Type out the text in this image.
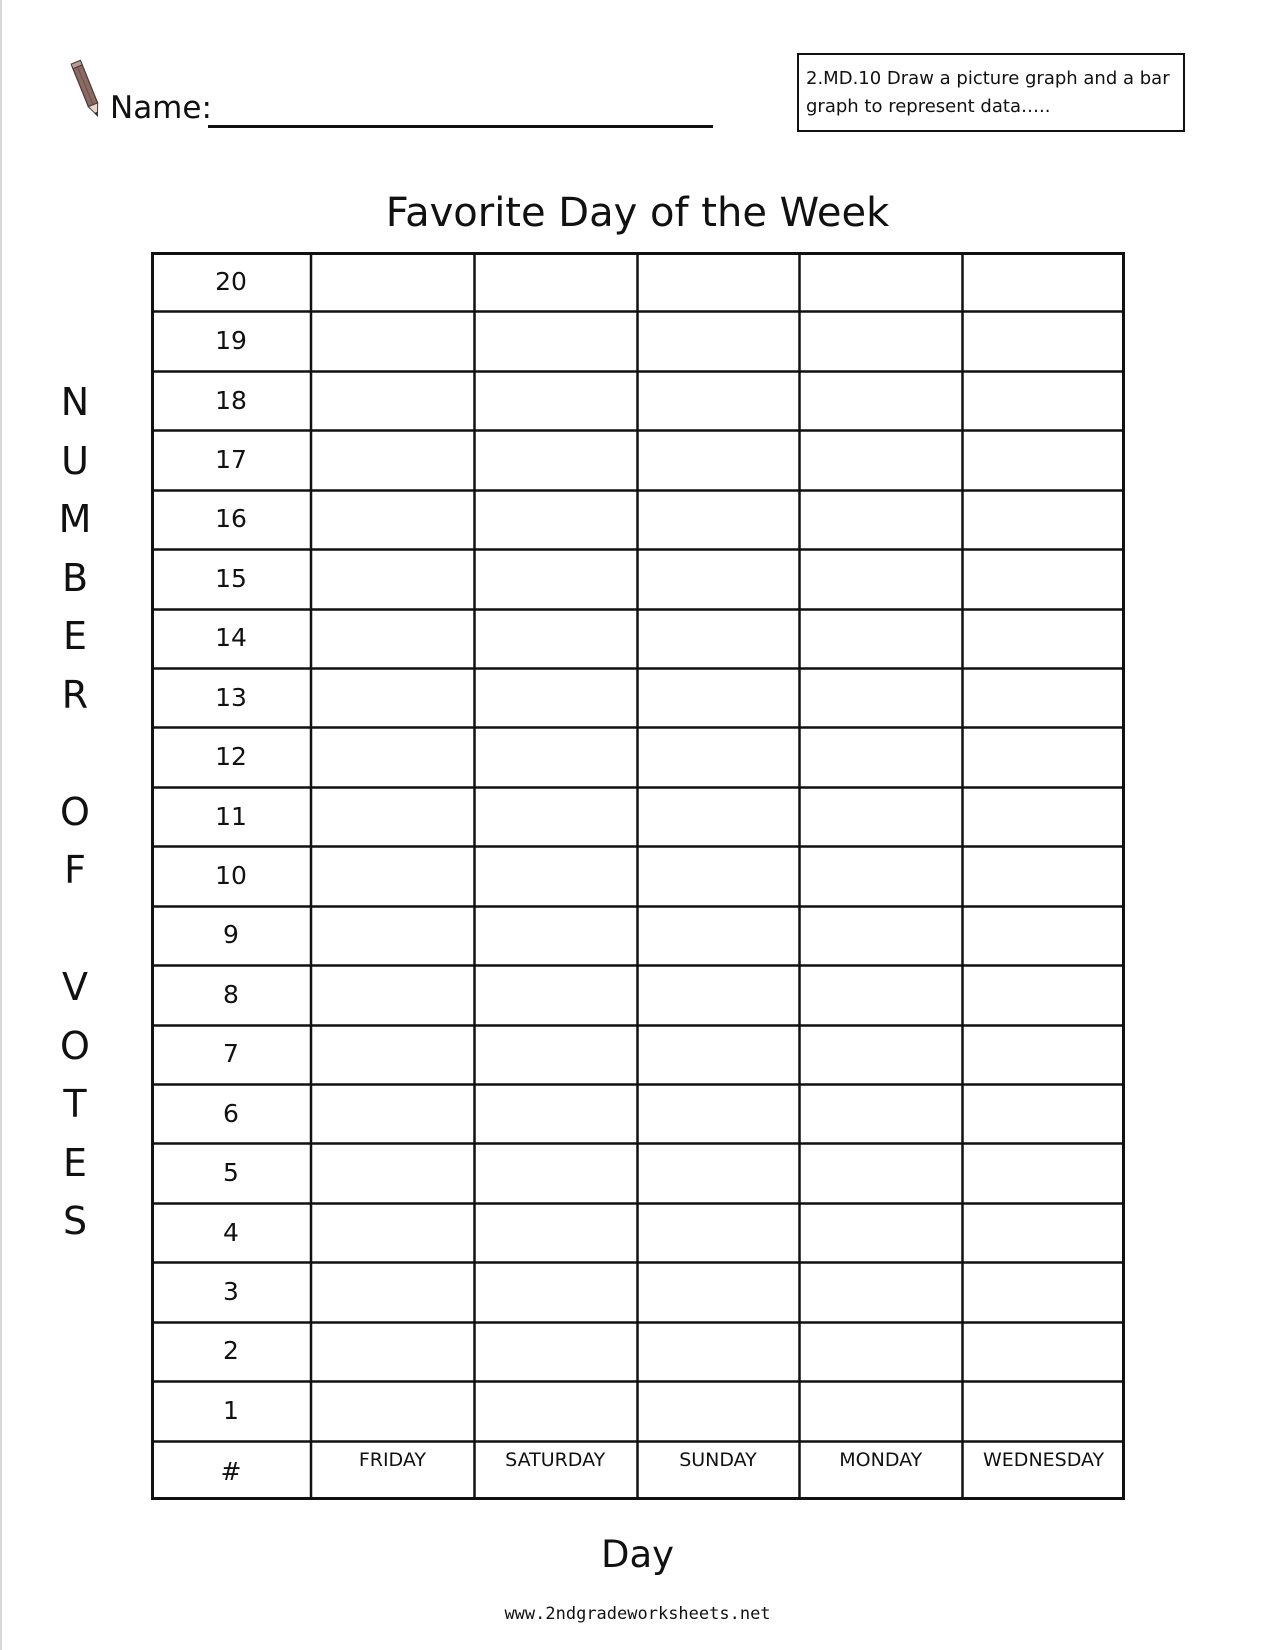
Name:
2.MD.10 Draw a picture graph and a bar graph to represent data…..
Favorite Day of the Week
N
U
M
B
E
R
O
F
V
O
T
E
S
20
19
18
17
16
15
14
13
12
11
10
9
8
7
6
5
4
3
2
1
#	FRIDAY	SATURDAY	SUNDAY	MONDAY	WEDNESDAY
Day
www.2ndgradeworksheets.net
